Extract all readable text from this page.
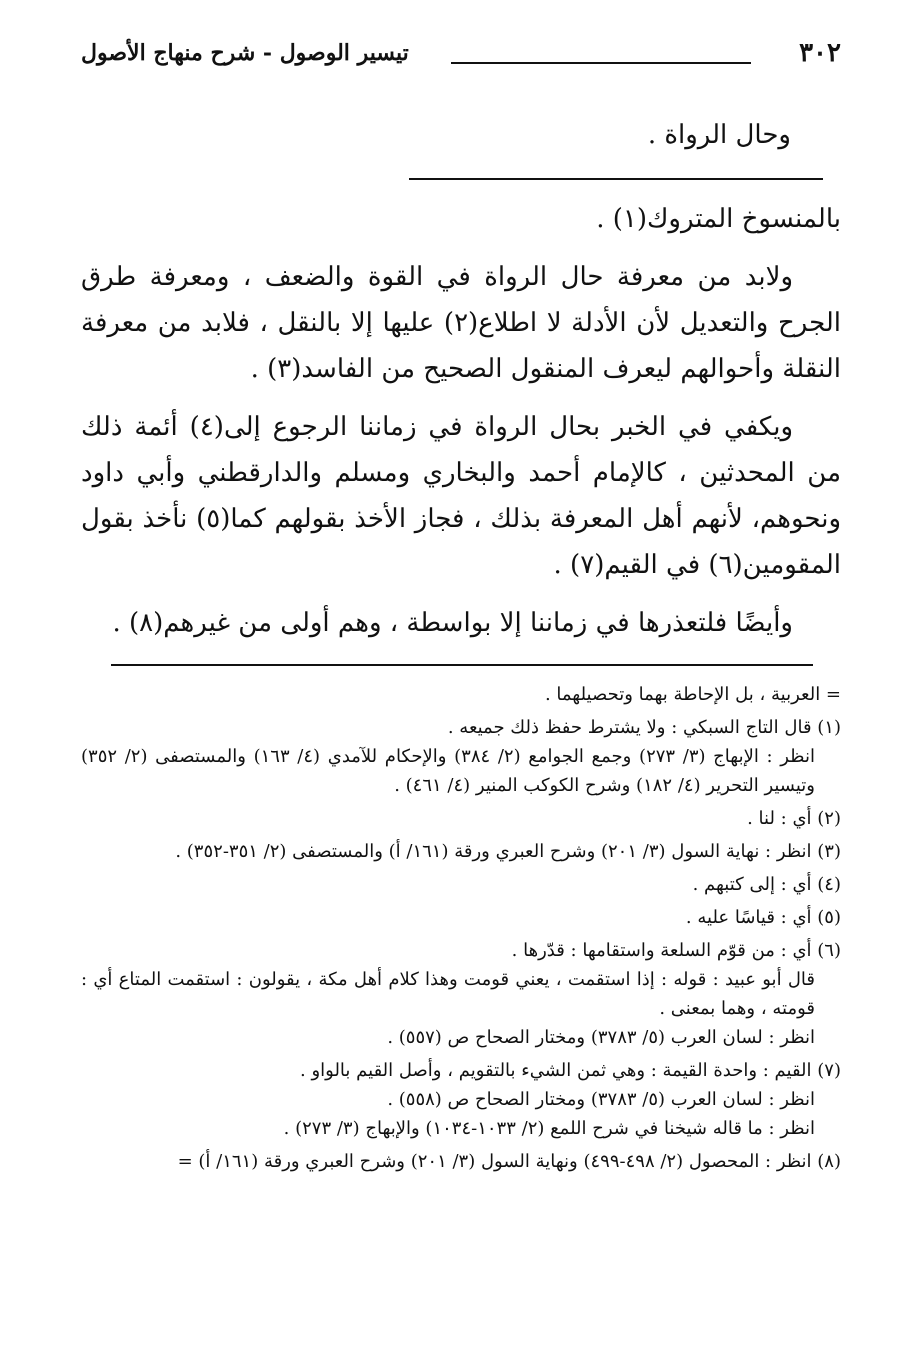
٣٠٢
تيسير الوصول - شرح منهاج الأصول
وحال الرواة .

بالمنسوخ المتروك(١) .

ولابد من معرفة حال الرواة في القوة والضعف ، ومعرفة طرق الجرح والتعديل لأن الأدلة لا اطلاع(٢) عليها إلا بالنقل ، فلابد من معرفة النقلة وأحوالهم ليعرف المنقول الصحيح من الفاسد(٣) .

ويكفي في الخبر بحال الرواة في زماننا الرجوع إلى(٤) أئمة ذلك من المحدثين ، كالإمام أحمد والبخاري ومسلم والدارقطني وأبي داود ونحوهم، لأنهم أهل المعرفة بذلك ، فجاز الأخذ بقولهم كما(٥) نأخذ بقول المقومين(٦) في القيم(٧) .

وأيضًا فلتعذرها في زماننا إلا بواسطة ، وهم أولى من غيرهم(٨) .

= العربية ، بل الإحاطة بهما وتحصيلهما .

(١) قال التاج السبكي : ولا يشترط حفظ ذلك جميعه .

انظر : الإبهاج (٣/ ٢٧٣) وجمع الجوامع (٢/ ٣٨٤) والإحكام للآمدي (٤/ ١٦٣) والمستصفى (٢/ ٣٥٢) وتيسير التحرير (٤/ ١٨٢) وشرح الكوكب المنير (٤/ ٤٦١) .

(٢) أي : لنا .

(٣) انظر : نهاية السول (٣/ ٢٠١) وشرح العبري ورقة (١٦١/ أ) والمستصفى (٢/ ٣٥١-٣٥٢) .

(٤) أي : إلى كتبهم .

(٥) أي : قياسًا عليه .

(٦) أي : من قوّم السلعة واستقامها : قدّرها .

قال أبو عبيد : قوله : إذا استقمت ، يعني قومت وهذا كلام أهل مكة ، يقولون : استقمت المتاع أي : قومته ، وهما بمعنى .

انظر : لسان العرب (٥/ ٣٧٨٣) ومختار الصحاح ص (٥٥٧) .

(٧) القيم : واحدة القيمة : وهي ثمن الشيء بالتقويم ، وأصل القيم بالواو .

انظر : لسان العرب (٥/ ٣٧٨٣) ومختار الصحاح ص (٥٥٨) .

انظر : ما قاله شيخنا في شرح اللمع (٢/ ١٠٣٣-١٠٣٤) والإبهاج (٣/ ٢٧٣) .

(٨) انظر : المحصول (٢/ ٤٩٨-٤٩٩) ونهاية السول (٣/ ٢٠١) وشرح العبري ورقة (١٦١/ أ) =
